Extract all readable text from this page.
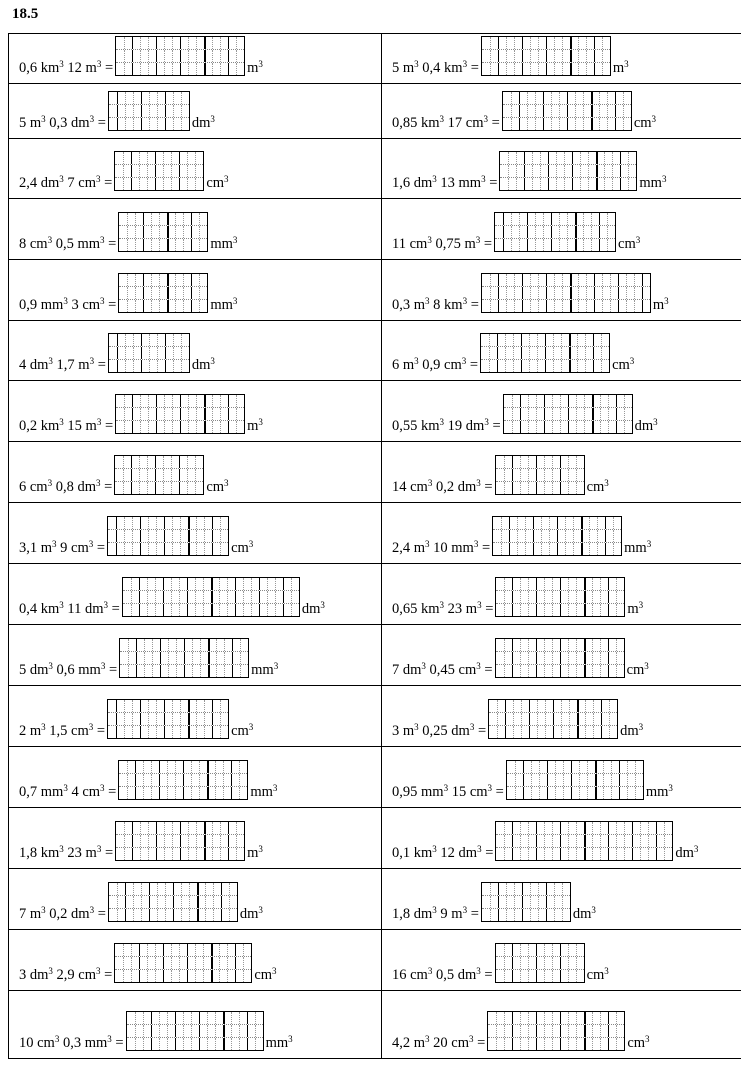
18.5
0,6 $km^3$ 12 $m^3 = m^3$	5 $m^3$ 0,4 $km^3 = m^3$

5 $m^3$ 0,3 $dm^3 = dm^3$	0,85 $km^3$ 17 $cm^3 = cm^3$

2,4 $dm^3$ 7 $cm^3 = cm^3$	1,6 $dm^3$ 13 $mm^3 = mm^3$

8 $cm^3$ 0,5 $mm^3 = mm^3$	11 $cm^3$ 0,75 $m^3 = cm^3$

0,9 $mm^3$ 3 $cm^3 = mm^3$	0,3 $m^3$ 8 $km^3 = m^3$

4 $dm^3$ 1,7 $m^3 = dm^3$	6 $m^3$ 0,9 $cm^3 = cm^3$

0,2 $km^3$ 15 $m^3 = m^3$	0,55 $km^3$ 19 $dm^3 = dm^3$

6 $cm^3$ 0,8 $dm^3 = cm^3$	14 $cm^3$ 0,2 $dm^3 = cm^3$

3,1 $m^3$ 9 $cm^3 = cm^3$	2,4 $m^3$ 10 $mm^3 = mm^3$

0,4 $km^3$ 11 $dm^3 = dm^3$	0,65 $km^3$ 23 $m^3 = m^3$

5 $dm^3$ 0,6 $mm^3 = mm^3$	7 $dm^3$ 0,45 $cm^3 = cm^3$

2 $m^3$ 1,5 $cm^3 = cm^3$	3 $m^3$ 0,25 $dm^3 = dm^3$

0,7 $mm^3$ 4 $cm^3 = mm^3$	0,95 $mm^3$ 15 $cm^3 = mm^3$

1,8 $km^3$ 23 $m^3 = m^3$	0,1 $km^3$ 12 $dm^3 = dm^3$

7 $m^3$ 0,2 $dm^3 = dm^3$	1,8 $dm^3$ 9 $m^3 = dm^3$

3 $dm^3$ 2,9 $cm^3 = cm^3$	16 $cm^3$ 0,5 $dm^3 = cm^3$

10 $cm^3$ 0,3 $mm^3 = mm^3$	4,2 $m^3$ 20 $cm^3 = cm^3$
